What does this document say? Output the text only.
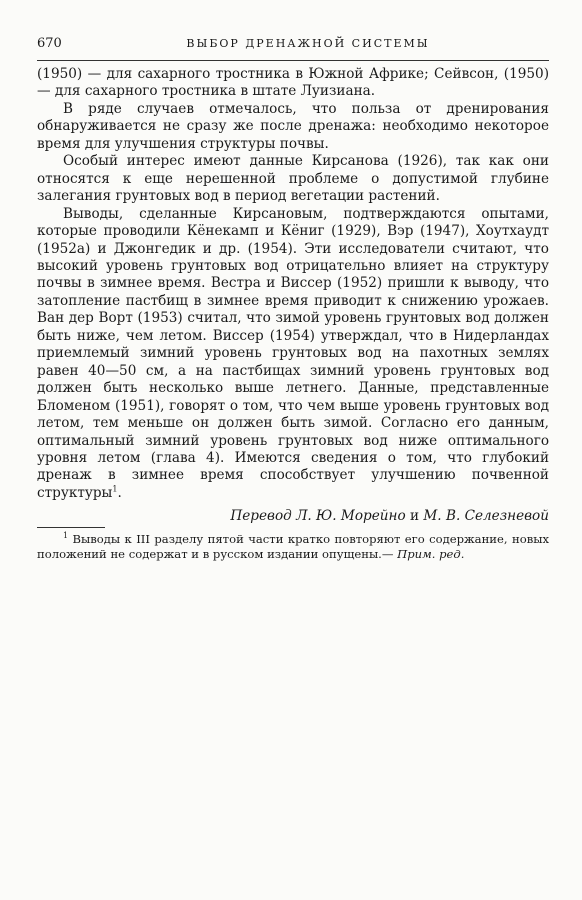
670	ВЫБОР ДРЕНАЖНОЙ СИСТЕМЫ

(1950) — для сахарного тростника в Южной Африке; Сейвсон, (1950)— для сахарного тростника в штате Луизиана.

В ряде случаев отмечалось, что польза от дренирования обнаруживается не сразу же после дренажа: необходимо некоторое время для улучшения структуры почвы.

Особый интерес имеют данные Кирсанова (1926), так как они относятся к еще нерешенной проблеме о допустимой глубине залегания грунтовых вод в период вегетации растений.

Выводы, сделанные Кирсановым, подтверждаются опытами, которые проводили Кёнекамп и Кёниг (1929), Вэр (1947), Хоутхаудт (1952а) и Джонгедик и др. (1954). Эти исследователи считают, что высокий уровень грунтовых вод отрицательно влияет на структуру почвы в зимнее время. Вестра и Виссер (1952) пришли к выводу, что затопление пастбищ в зимнее время приводит к снижению урожаев. Ван дер Ворт (1953) считал, что зимой уровень грунтовых вод должен быть ниже, чем летом. Виссер (1954) утверждал, что в Нидерландах приемлемый зимний уровень грунтовых вод на пахотных землях равен 40—50 см, а на пастбищах зимний уровень грунтовых вод должен быть несколько выше летнего. Данные, представленные Бломеном (1951), говорят о том, что чем выше уровень грунтовых вод летом, тем меньше он должен быть зимой. Согласно его данным, оптимальный зимний уровень грунтовых вод ниже оптимального уровня летом (глава 4). Имеются сведения о том, что глубокий дренаж в зимнее время способствует улучшению почвенной структуры$^1$.

Перевод Л. Ю. Морейно и М. В. Селезневой

$^1$ Выводы к III разделу пятой части кратко повторяют его содержание, новых положений не содержат и в русском издании опущены.— Прим. ред.
